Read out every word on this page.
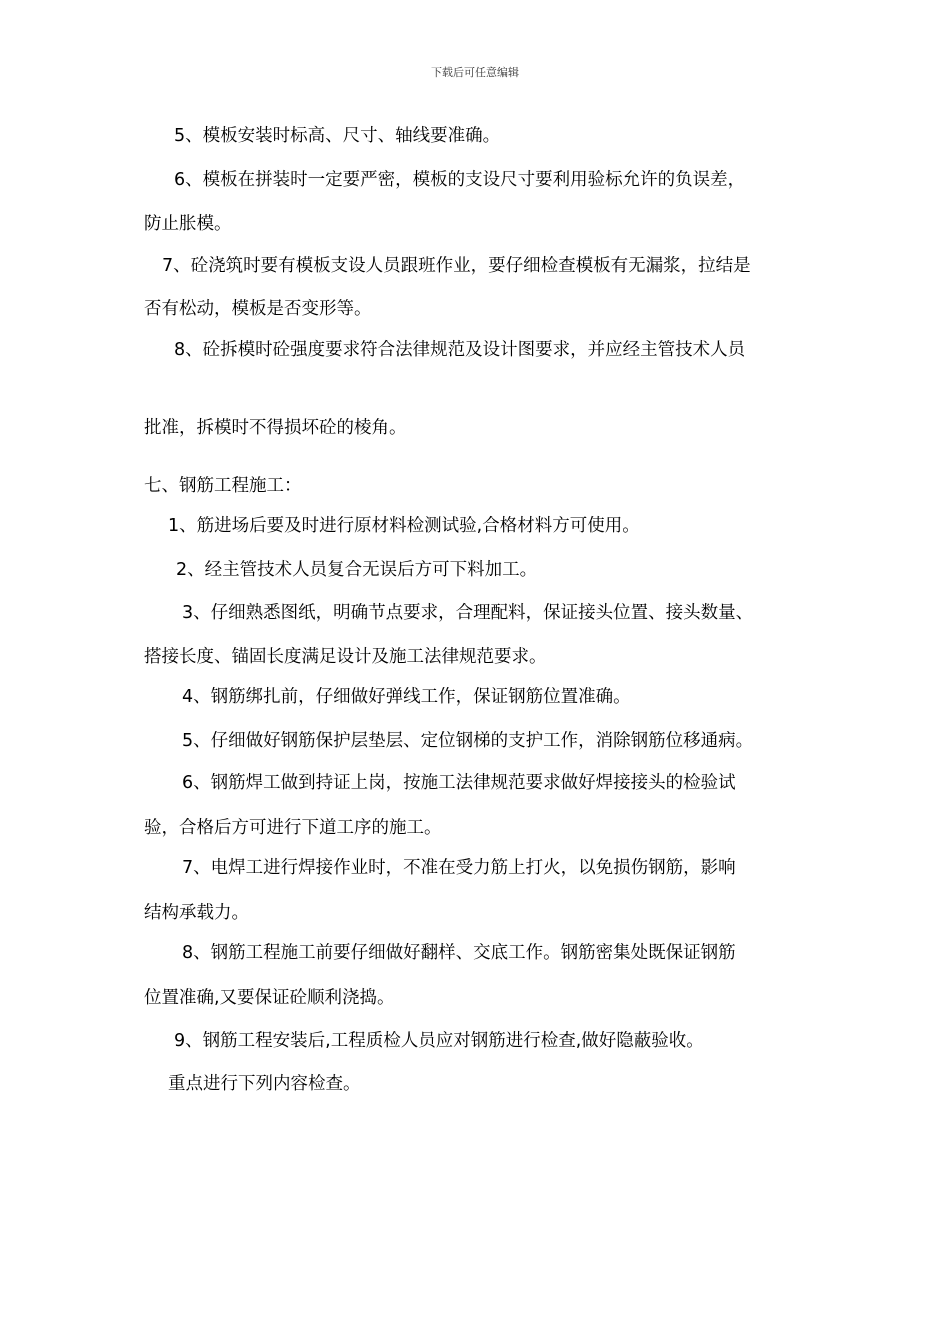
下载后可任意编辑
5、模板安装时标高、尺寸、轴线要准确。
6、模板在拼装时一定要严密，模板的支设尺寸要利用验标允许的负误差，
防止胀模。
7、砼浇筑时要有模板支设人员跟班作业，要仔细检查模板有无漏浆，拉结是
否有松动，模板是否变形等。
8、砼拆模时砼强度要求符合法律规范及设计图要求，并应经主管技术人员
批准，拆模时不得损坏砼的棱角。
七、钢筋工程施工：
1、筋进场后要及时进行原材料检测试验,合格材料方可使用。
2、经主管技术人员复合无误后方可下料加工。
3、仔细熟悉图纸，明确节点要求，合理配料，保证接头位置、接头数量、
搭接长度、锚固长度满足设计及施工法律规范要求。
4、钢筋绑扎前，仔细做好弹线工作，保证钢筋位置准确。
5、仔细做好钢筋保护层垫层、定位钢梯的支护工作，消除钢筋位移通病。
6、钢筋焊工做到持证上岗，按施工法律规范要求做好焊接接头的检验试
验，合格后方可进行下道工序的施工。
7、电焊工进行焊接作业时，不准在受力筋上打火，以免损伤钢筋，影响
结构承载力。
8、钢筋工程施工前要仔细做好翻样、交底工作。钢筋密集处既保证钢筋
位置准确,又要保证砼顺利浇捣。
9、钢筋工程安装后,工程质检人员应对钢筋进行检查,做好隐蔽验收。
重点进行下列内容检查。
